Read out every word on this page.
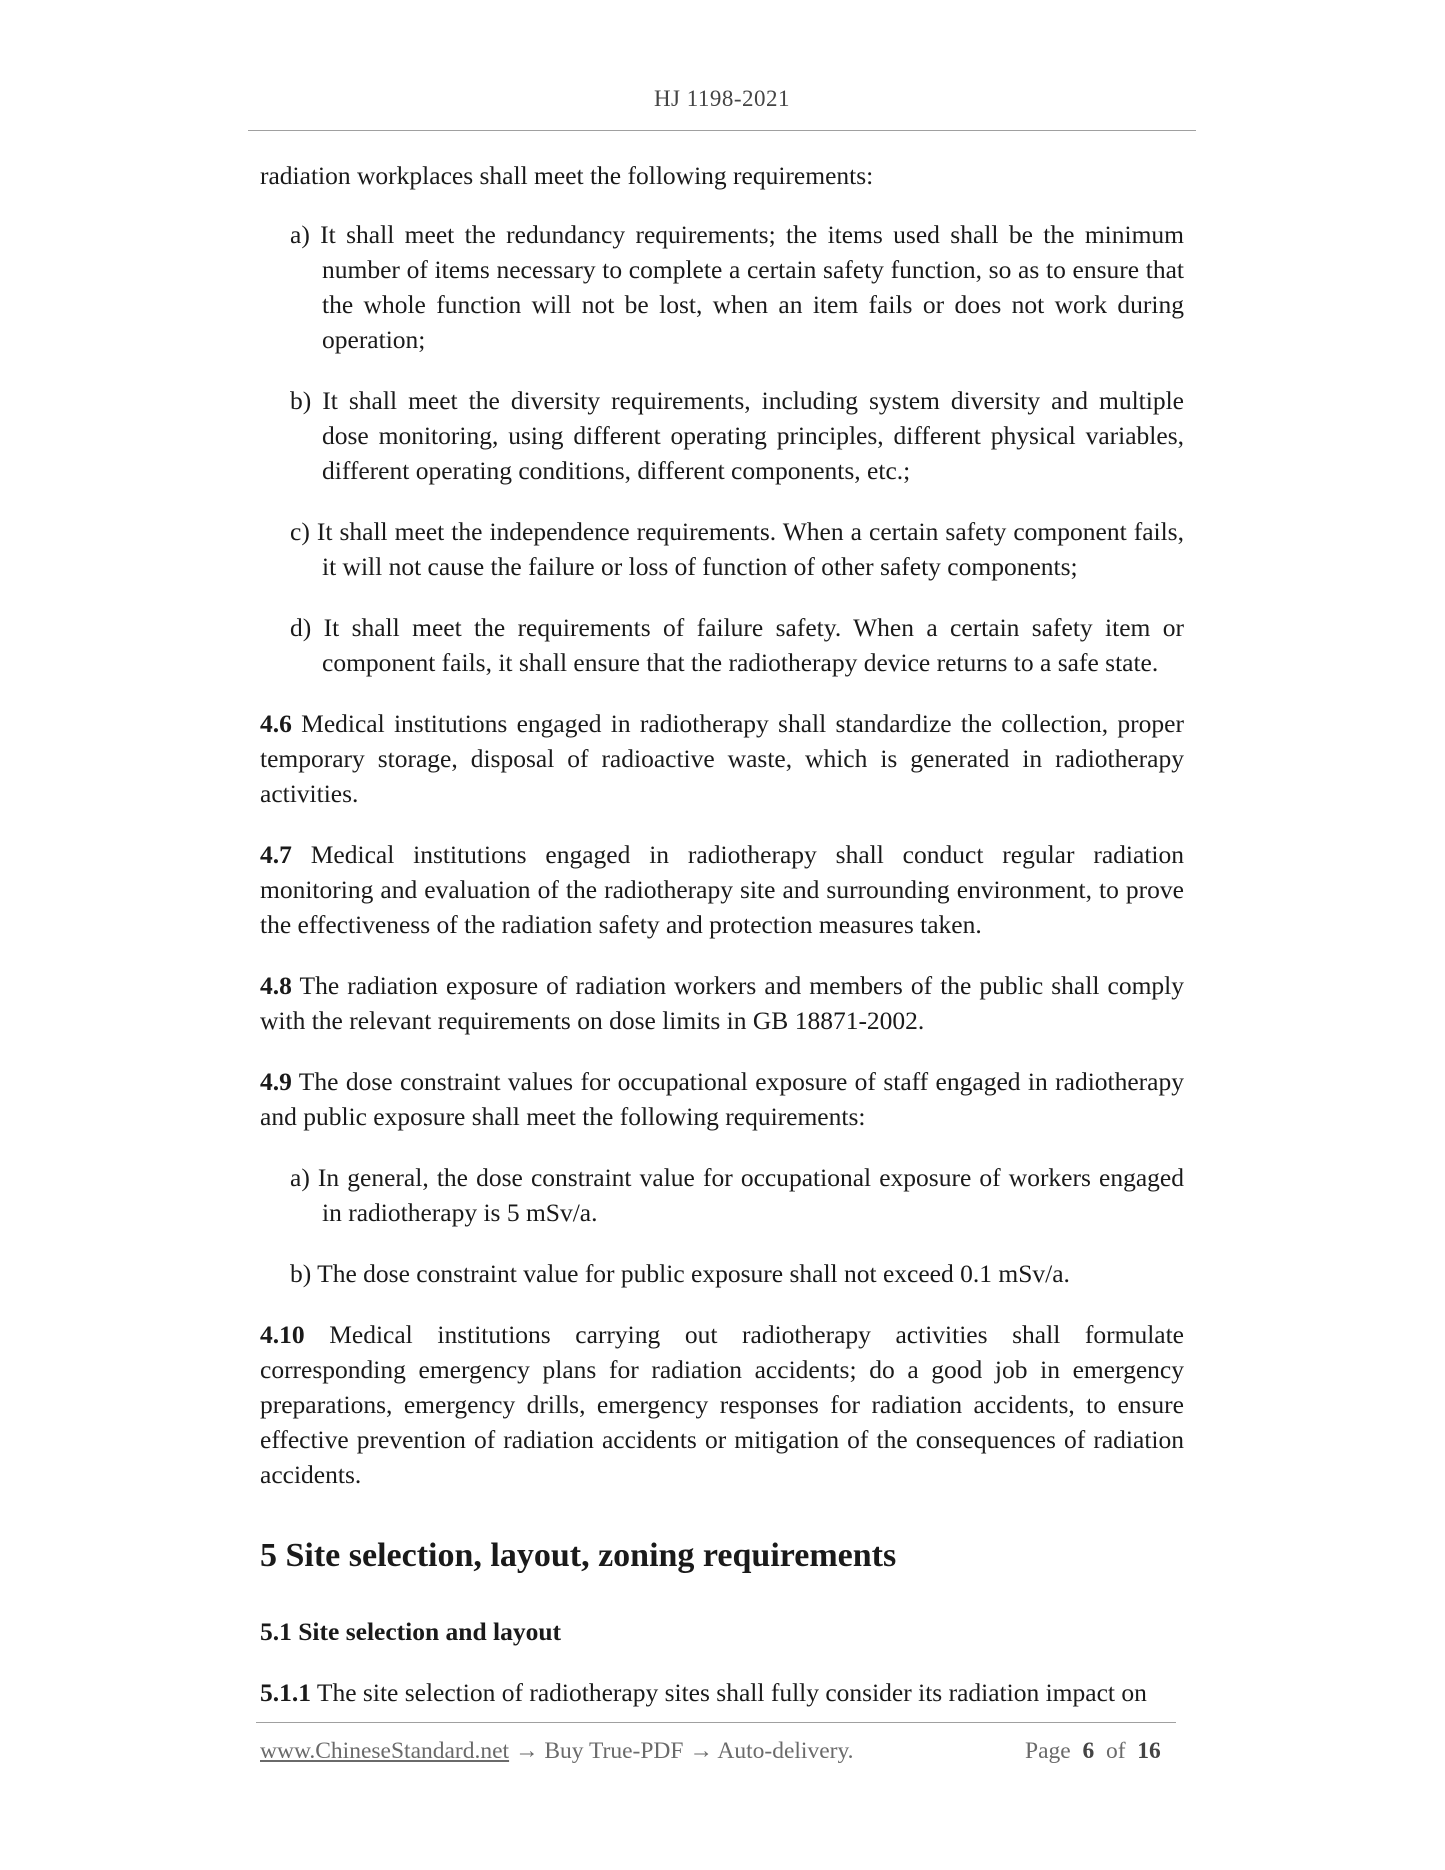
HJ 1198-2021

radiation workplaces shall meet the following requirements:

a) It shall meet the redundancy requirements; the items used shall be the minimum number of items necessary to complete a certain safety function, so as to ensure that the whole function will not be lost, when an item fails or does not work during operation;

b) It shall meet the diversity requirements, including system diversity and multiple dose monitoring, using different operating principles, different physical variables, different operating conditions, different components, etc.;

c) It shall meet the independence requirements. When a certain safety component fails, it will not cause the failure or loss of function of other safety components;

d) It shall meet the requirements of failure safety. When a certain safety item or component fails, it shall ensure that the radiotherapy device returns to a safe state.

4.6 Medical institutions engaged in radiotherapy shall standardize the collection, proper temporary storage, disposal of radioactive waste, which is generated in radiotherapy activities.

4.7 Medical institutions engaged in radiotherapy shall conduct regular radiation monitoring and evaluation of the radiotherapy site and surrounding environment, to prove the effectiveness of the radiation safety and protection measures taken.

4.8 The radiation exposure of radiation workers and members of the public shall comply with the relevant requirements on dose limits in GB 18871-2002.

4.9 The dose constraint values for occupational exposure of staff engaged in radiotherapy and public exposure shall meet the following requirements:

a) In general, the dose constraint value for occupational exposure of workers engaged in radiotherapy is 5 mSv/a.

b) The dose constraint value for public exposure shall not exceed 0.1 mSv/a.

4.10 Medical institutions carrying out radiotherapy activities shall formulate corresponding emergency plans for radiation accidents; do a good job in emergency preparations, emergency drills, emergency responses for radiation accidents, to ensure effective prevention of radiation accidents or mitigation of the consequences of radiation accidents.

5 Site selection, layout, zoning requirements
5.1 Site selection and layout

5.1.1 The site selection of radiotherapy sites shall fully consider its radiation impact on

www.ChineseStandard.net → Buy True-PDF → Auto-delivery.	Page 6 of 16
